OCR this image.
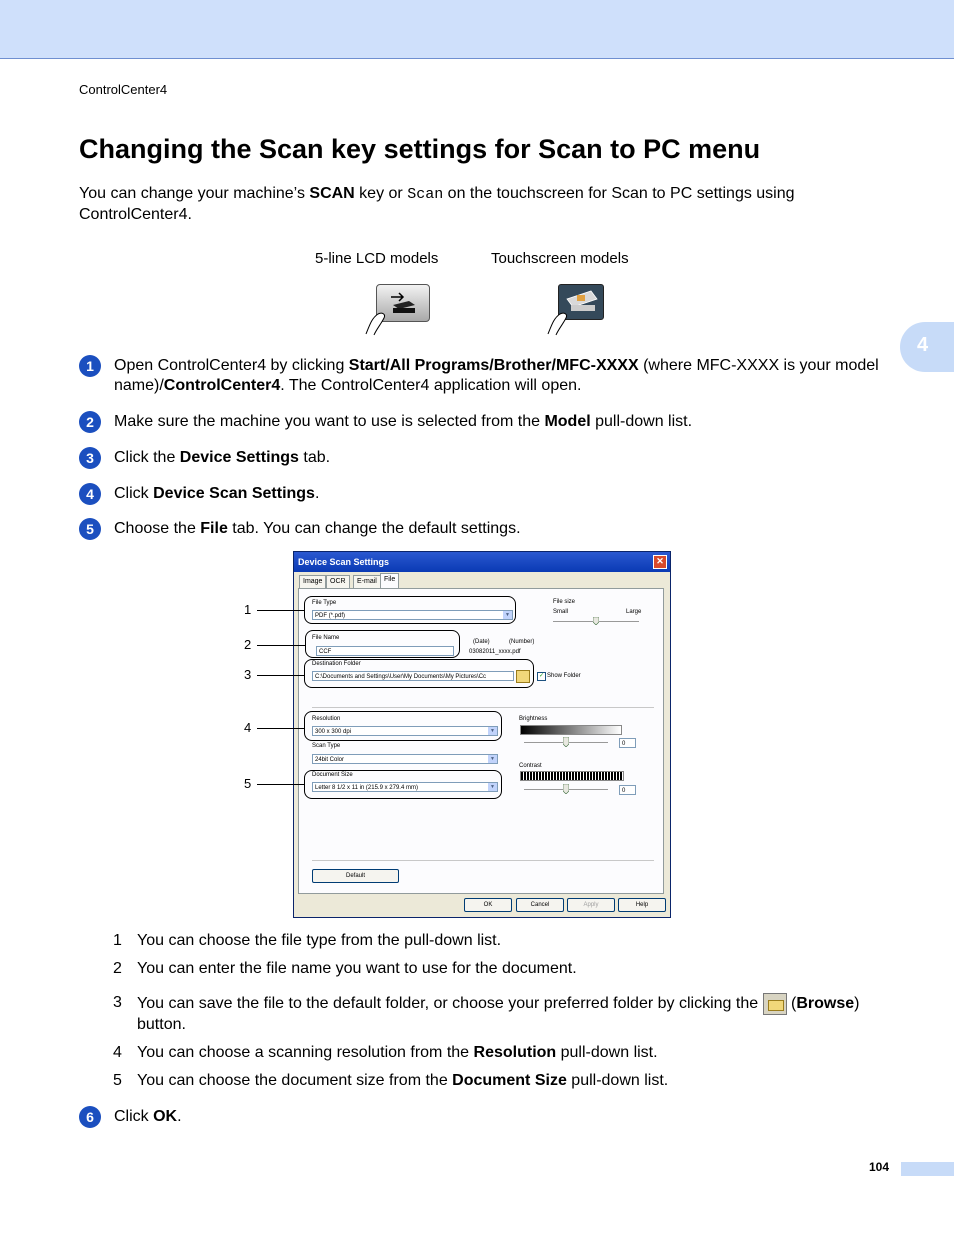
ControlCenter4
Changing the Scan key settings for Scan to PC menu
You can change your machine’s SCAN key or Scan on the touchscreen for Scan to PC settings using ControlCenter4.
5-line LCD models	Touchscreen models
4
1	Open ControlCenter4 by clicking Start/All Programs/Brother/MFC-XXXX (where MFC-XXXX is your model name)/ControlCenter4. The ControlCenter4 application will open.
2	Make sure the machine you want to use is selected from the Model pull-down list.
3	Click the Device Settings tab.
4	Click Device Scan Settings.
5	Choose the File tab. You can change the default settings.
Device Scan Settings	✕
Image	OCR	E-mail	File
File Type
PDF (*.pdf)	▼
File size
Small	Large
File Name
CCF
(Date)	(Number)
03082011_xxxx.pdf
Destination Folder
C:\Documents and Settings\User\My Documents\My Pictures\Cc	✓ Show Folder
Resolution
300 x 300 dpi	▼
Scan Type
24bit Color	▼
Document Size
Letter 8 1/2 x 11 in (215.9 x 279.4 mm)	▼
Brightness
0
Contrast
0
Default
OK	Cancel	Apply	Help
1
2
3
4
5
1 You can choose the file type from the pull-down list.
2 You can enter the file name you want to use for the document.
3 You can save the file to the default folder, or choose your preferred folder by clicking the  (Browse) button.
4 You can choose a scanning resolution from the Resolution pull-down list.
5 You can choose the document size from the Document Size pull-down list.
6	Click OK.
104
